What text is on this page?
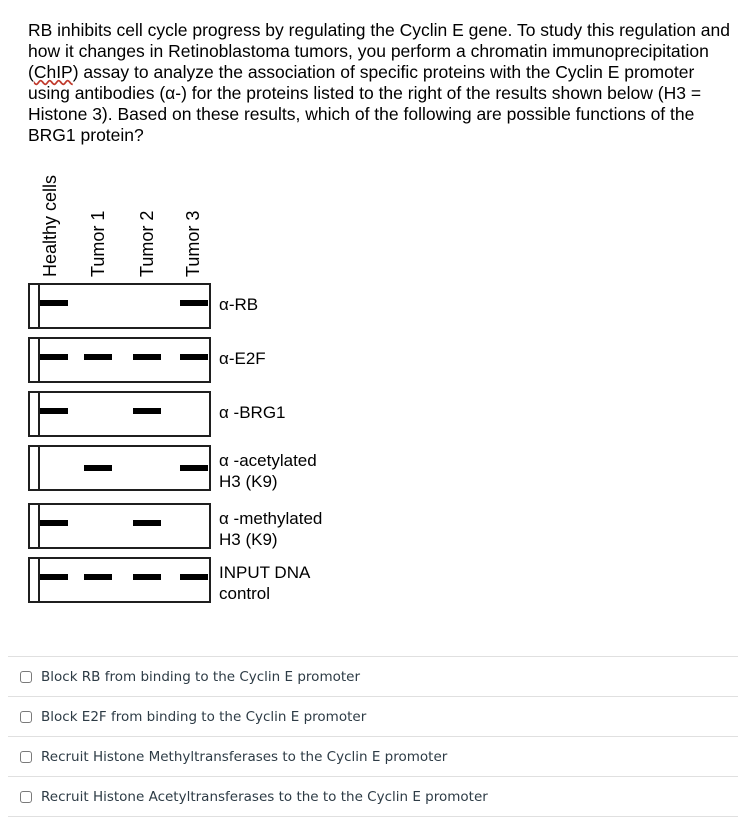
RB inhibits cell cycle progress by regulating the Cyclin E gene. To study this regulation and how it changes in Retinoblastoma tumors, you perform a chromatin immunoprecipitation (ChIP) assay to analyze the association of specific proteins with the Cyclin E promoter using antibodies (α-) for the proteins listed to the right of the results shown below (H3 = Histone 3). Based on these results, which of the following are possible functions of the BRG1 protein?

Healthy cells Tumor 1 Tumor 2 Tumor 3
α-RB
α-E2F
α -BRG1
α -acetylated
H3 (K9)
α -methylated
H3 (K9)
INPUT DNA
control
Block RB from binding to the Cyclin E promoter
Block E2F from binding to the Cyclin E promoter
Recruit Histone Methyltransferases to the Cyclin E promoter
Recruit Histone Acetyltransferases to the to the Cyclin E promoter
